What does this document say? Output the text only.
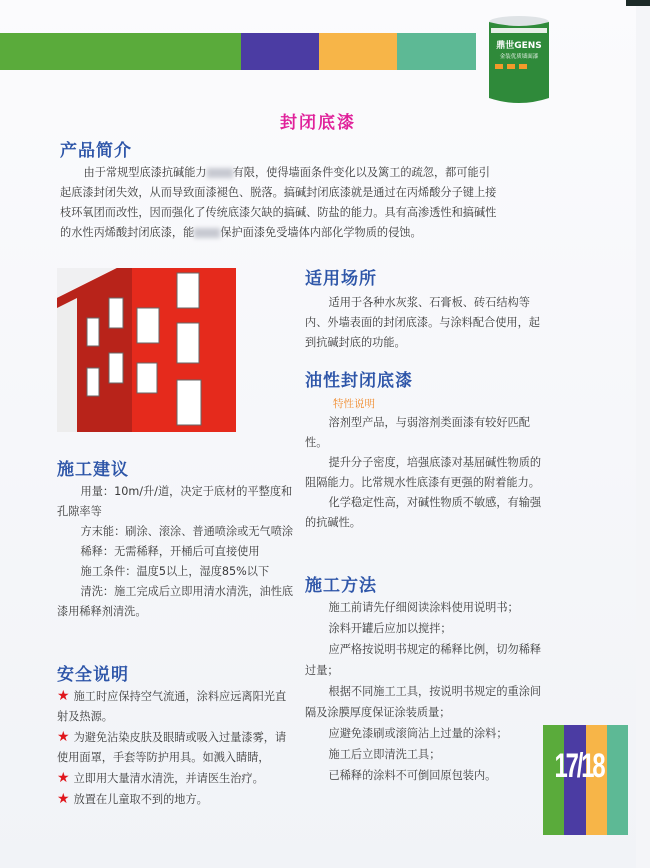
鼎世GENS
金装优质墙面漆
封闭底漆
产品简介
由于常规型底漆抗碱能力 有限，使得墙面条件变化以及篱工的疏忽，都可能引起底漆封闭失效，从而导致面漆褪色、脱落。搞碱封闭底漆就是通过在丙烯酸分子键上接枝环氧团而改性，因而强化了传统底漆欠缺的搞碱、防盐的能力。具有高渗透性和搞碱性的水性丙烯酸封闭底漆，能 保护面漆免受墙体内部化学物质的侵蚀。
适用场所
适用于各种水灰浆、石膏板、砖石结构等内、外墙表面的封闭底漆。与涂料配合使用，起到抗碱封底的功能。
油性封闭底漆
特性说明
溶剂型产品，与弱溶剂类面漆有较好匹配性。
提升分子密度，培强底漆对基屈碱性物质的阻隔能力。比常规水性底漆有更强的附着能力。
化学稳定性高，对碱性物质不敏感，有输强的抗碱性。
施工建议
用量：10m/升/道，决定于底材的平整度和孔隙率等
方末能：刷涂、滚涂、普通喷涂或无气喷涂
稀释：无需稀释，开桶后可直接使用
施工条件：温度5以上，湿度85%以下
清洗：施工完成后立即用清水清洗，油性底漆用稀释剂清洗。
安全说明
★ 施工时应保持空气流通，涂料应远离阳光直射及热源。
★ 为避免沾染皮肤及眼睛或吸入过量漆雾，请使用面罩，手套等防护用具。如溅入睛睛，
★ 立即用大量清水清洗，并请医生治疗。
★ 放置在儿童取不到的地方。
施工方法
施工前请先仔细阅读涂料使用说明书；
涂料开罐后应加以搅拌；
应严格按说明书规定的稀释比例，切勿稀释过量；
根据不同施工工具，按说明书规定的重涂间隔及涂膜厚度保证涂装质量；
应避免漆刷或滚筒沾上过量的涂料；
施工后立即清洗工具；
已稀释的涂料不可倒回原包装内。	17/18
